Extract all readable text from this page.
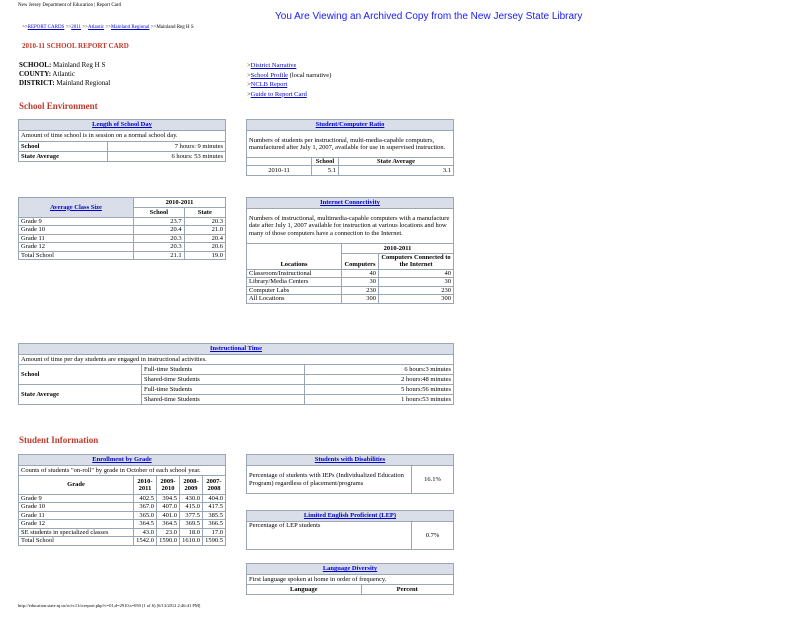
New Jersey Department of Education | Report Card
You Are Viewing an Archived Copy from the New Jersey State Library
>>REPORT CARDS >>2011 >>Atlantic >>Mainland Regional >>Mainland Reg H S
2010-11 SCHOOL REPORT CARD
SCHOOL: Mainland Reg H S
COUNTY: Atlantic
DISTRICT: Mainland Regional
>District Narrative
>School Profile (local narrative)
>NCLB Report
>Guide to Report Card
School Environment
Length of School Day	
Amount of time school is in session on a normal school day.	
School	7 hours: 9 minutes
State Average	6 hours: 53 minutes
Student/Computer Ratio		
Numbers of students per instructional, multi-media-capable computers, manufactured after July 1, 2007, available for use in supervised instruction.		
	School	State Average
2010-11	5.1	3.1
Average Class Size	2010-2011	
	School	State
Grade 9	23.7	20.3
Grade 10	20.4	21.0
Grade 11	20.3	20.4
Grade 12	20.3	20.6
Total School	21.1	19.0
Internet Connectivity		
Numbers of instructional, multimedia-capable computers with a manufacture date after July 1, 2007 available for instruction at various locations and how many of those computers have a connection to the Internet.		
Locations	2010-2011	
	Computers	Computers Connected to the Internet
Classroom/Instructional	40	40
Library/Media Centers	30	30
Computer Labs	230	230
All Locations	300	300
Instructional Time		
Amount of time per day students are engaged in instructional activities.		
School	Full-time Students	6 hours:3 minutes
	Shared-time Students	2 hours:48 minutes
State Average	Full-time Students	5 hours:56 minutes
	Shared-time Students	1 hours:53 minutes
Student Information
Enrollment by Grade				
Counts of students "on-roll" by grade in October of each school year.				
Grade	2010-2011	2009-2010	2008-2009	2007-2008
Grade 9	402.5	394.5	430.0	404.0
Grade 10	367.0	407.0	415.0	417.5
Grade 11	365.0	401.0	377.5	385.5
Grade 12	364.5	364.5	369.5	366.5
SE students in specialized classes	43.0	23.0	18.0	17.0
Total School	1542.0	1590.0	1610.0	1590.5
Students with Disabilities
Percentage of students with IEPs (Individualized Education Program) regardless of placement/programs	16.1%
Limited English Proficient (LEP)
Percentage of LEP students	0.7%
Language Diversity
First language spoken at home in order of frequency.
Language	Percent
http://education.state.nj.us/rc/rc11/rcreport.php?c=01;d=2910;s=050 (1 of 6) [6/13/2012 2:46:41 PM]
